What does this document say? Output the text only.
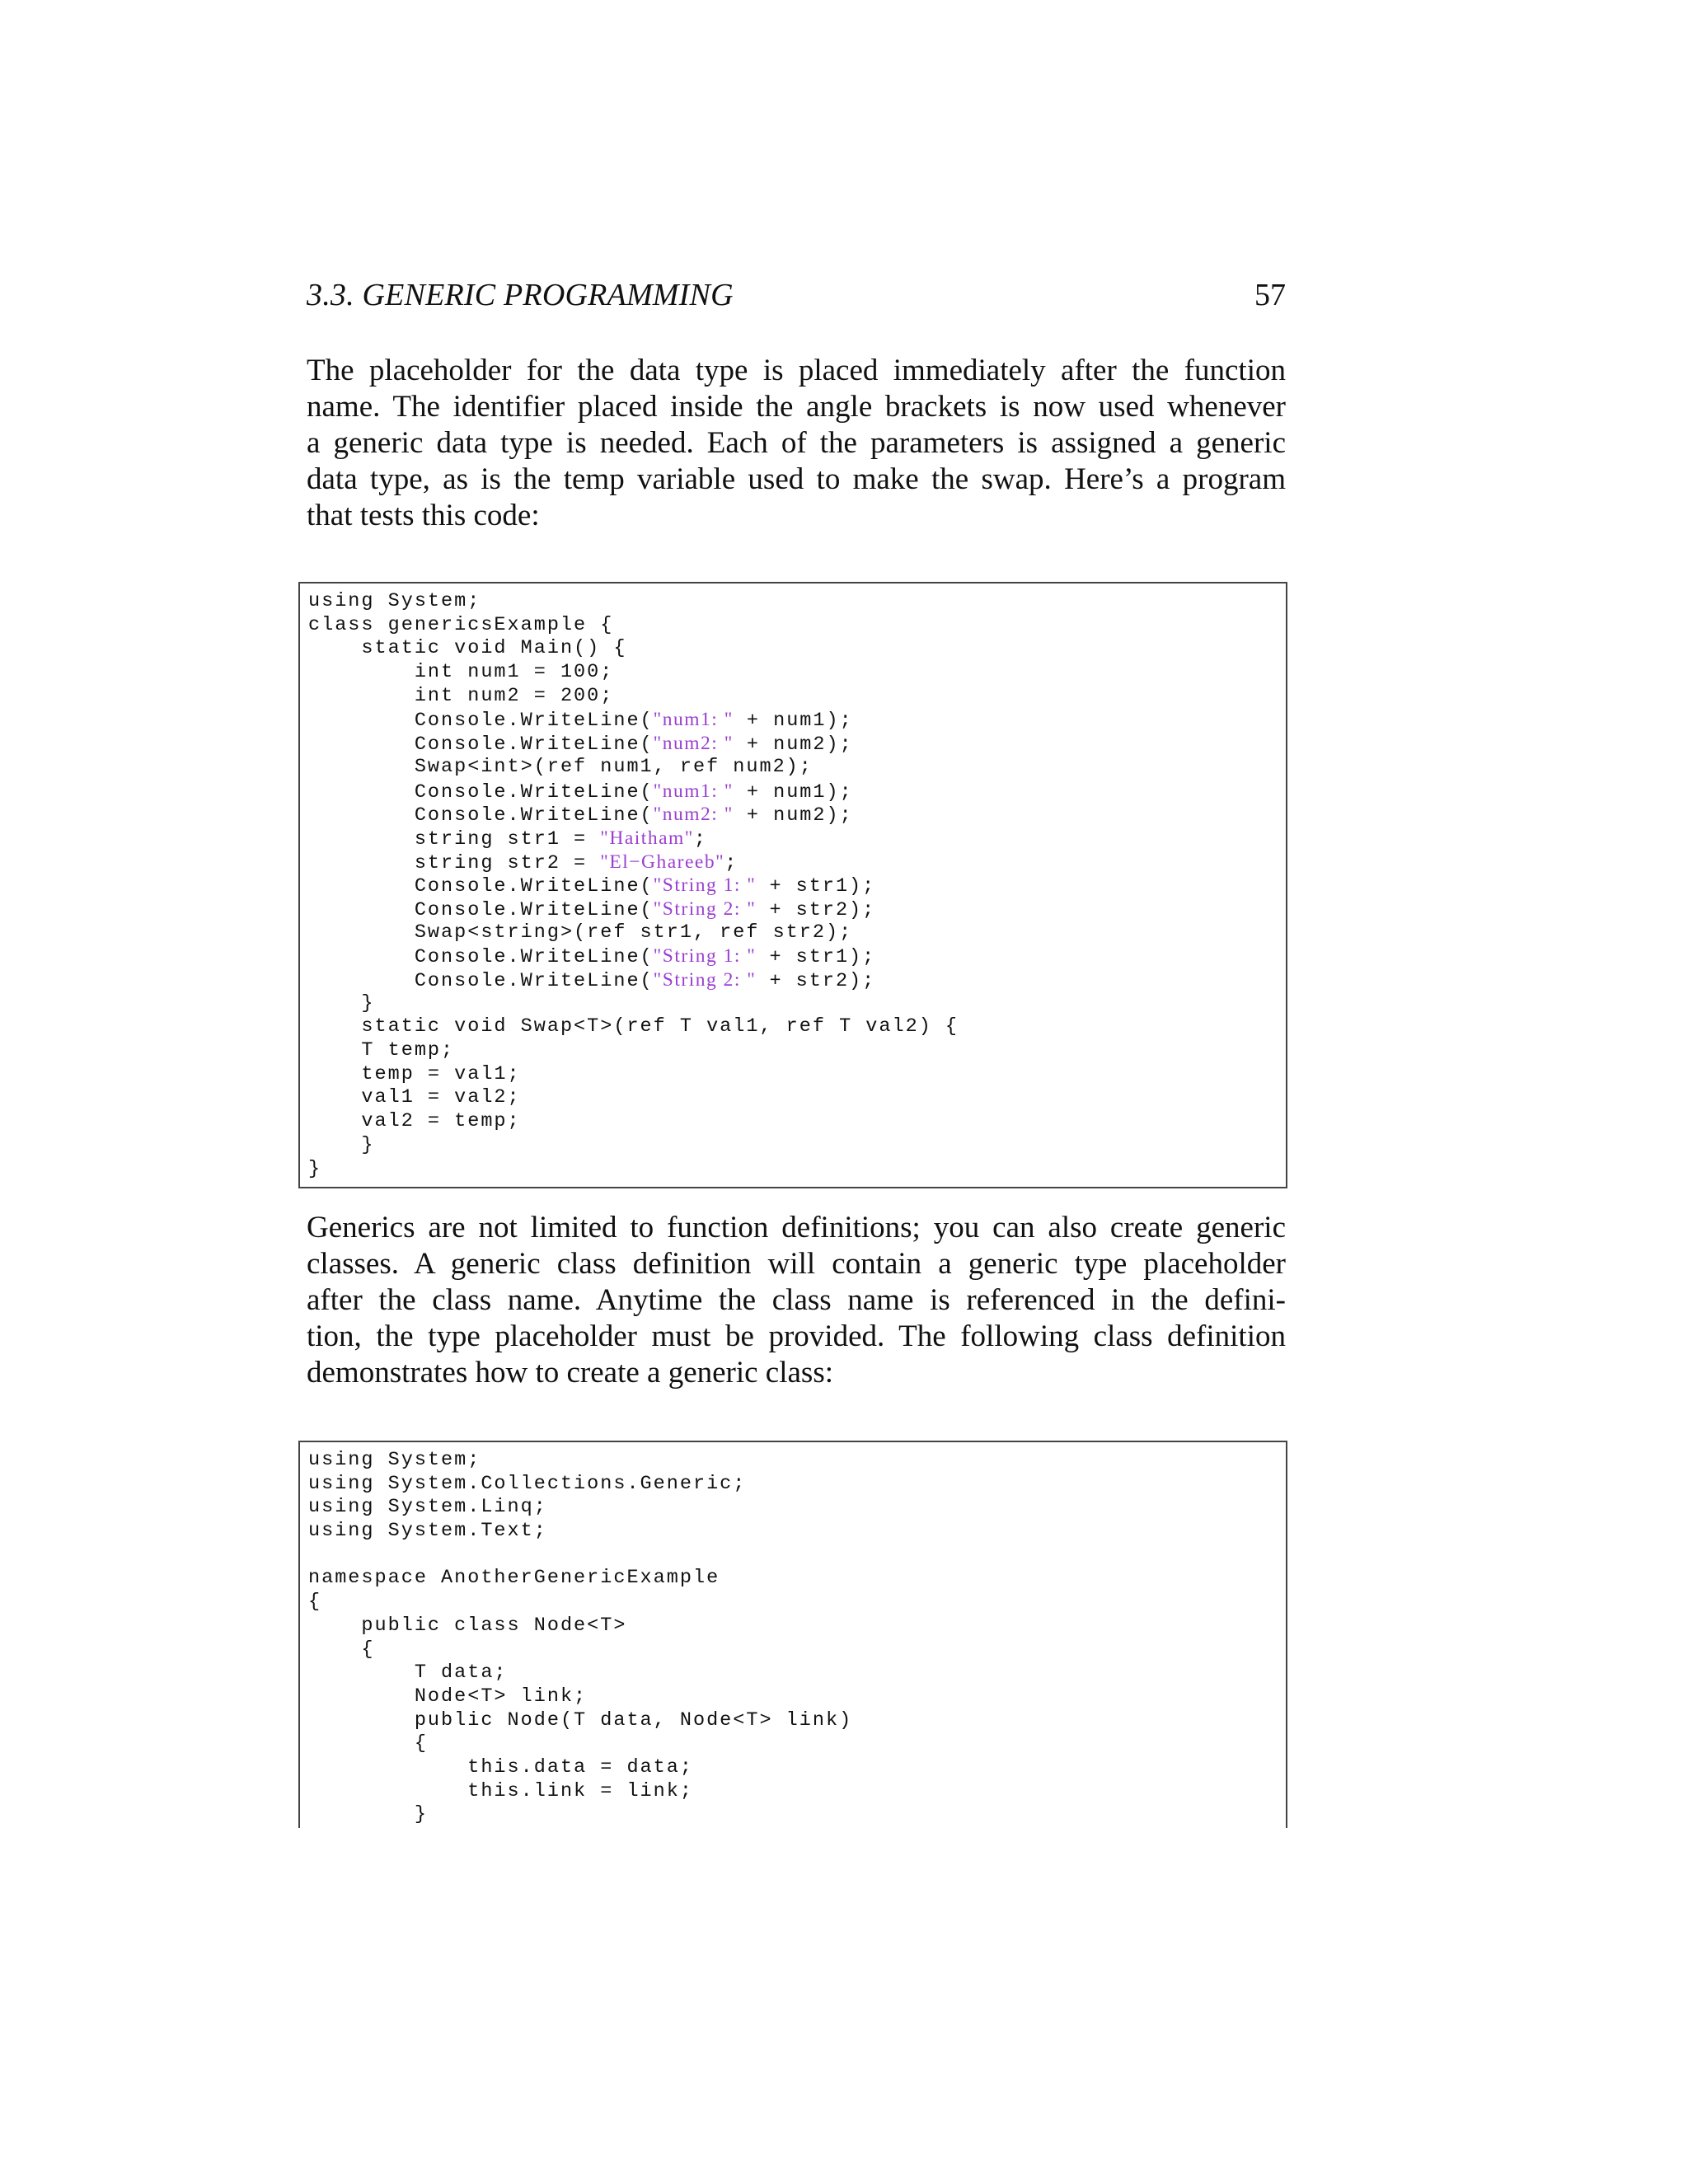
3.3. GENERIC PROGRAMMING	57

The placeholder for the data type is placed immediately after the function
name. The identifier placed inside the angle brackets is now used whenever
a generic data type is needed. Each of the parameters is assigned a generic
data type, as is the temp variable used to make the swap. Here’s a program
that tests this code:

using System;
class genericsExample {
static void Main() {
int num1 = 100;
int num2 = 200;
Console.WriteLine("num1: " + num1);
Console.WriteLine("num2: " + num2);
Swap<int>(ref num1, ref num2);
Console.WriteLine("num1: " + num1);
Console.WriteLine("num2: " + num2);
string str1 = "Haitham";
string str2 = "El−Ghareeb";
Console.WriteLine("String 1: " + str1);
Console.WriteLine("String 2: " + str2);
Swap<string>(ref str1, ref str2);
Console.WriteLine("String 1: " + str1);
Console.WriteLine("String 2: " + str2);
}
static void Swap<T>(ref T val1, ref T val2) {
T temp;
temp = val1;
val1 = val2;
val2 = temp;
}
}

Generics are not limited to function definitions; you can also create generic
classes. A generic class definition will contain a generic type placeholder
after the class name. Anytime the class name is referenced in the defini-
tion, the type placeholder must be provided. The following class definition
demonstrates how to create a generic class:

using System;
using System.Collections.Generic;
using System.Linq;
using System.Text;

namespace AnotherGenericExample
{
public class Node<T>
{
T data;
Node<T> link;
public Node(T data, Node<T> link)
{
this.data = data;
this.link = link;
}
